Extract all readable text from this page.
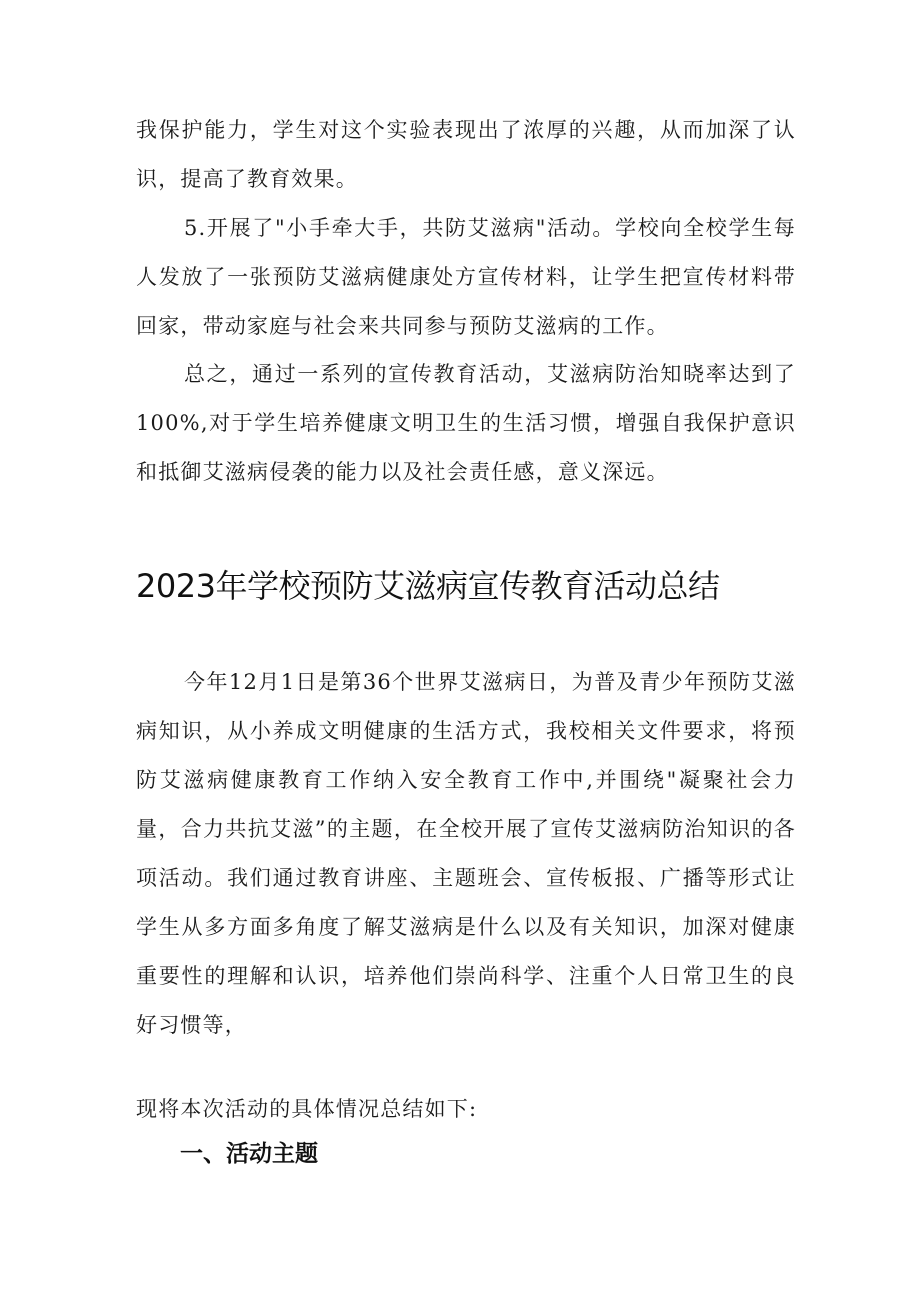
我保护能力，学生对这个实验表现出了浓厚的兴趣，从而加深了认识，提高了教育效果。

5.开展了"小手牵大手，共防艾滋病"活动。学校向全校学生每人发放了一张预防艾滋病健康处方宣传材料，让学生把宣传材料带回家，带动家庭与社会来共同参与预防艾滋病的工作。

总之，通过一系列的宣传教育活动，艾滋病防治知晓率达到了100%,对于学生培养健康文明卫生的生活习惯，增强自我保护意识和抵御艾滋病侵袭的能力以及社会责任感，意义深远。

2023年学校预防艾滋病宣传教育活动总结

今年12月1日是第36个世界艾滋病日，为普及青少年预防艾滋病知识，从小养成文明健康的生活方式，我校相关文件要求，将预防艾滋病健康教育工作纳入安全教育工作中,并围绕"凝聚社会力量，合力共抗艾滋”的主题，在全校开展了宣传艾滋病防治知识的各项活动。我们通过教育讲座、主题班会、宣传板报、广播等形式让学生从多方面多角度了解艾滋病是什么以及有关知识，加深对健康重要性的理解和认识，培养他们崇尚科学、注重个人日常卫生的良好习惯等，

现将本次活动的具体情况总结如下:

一、活动主题
